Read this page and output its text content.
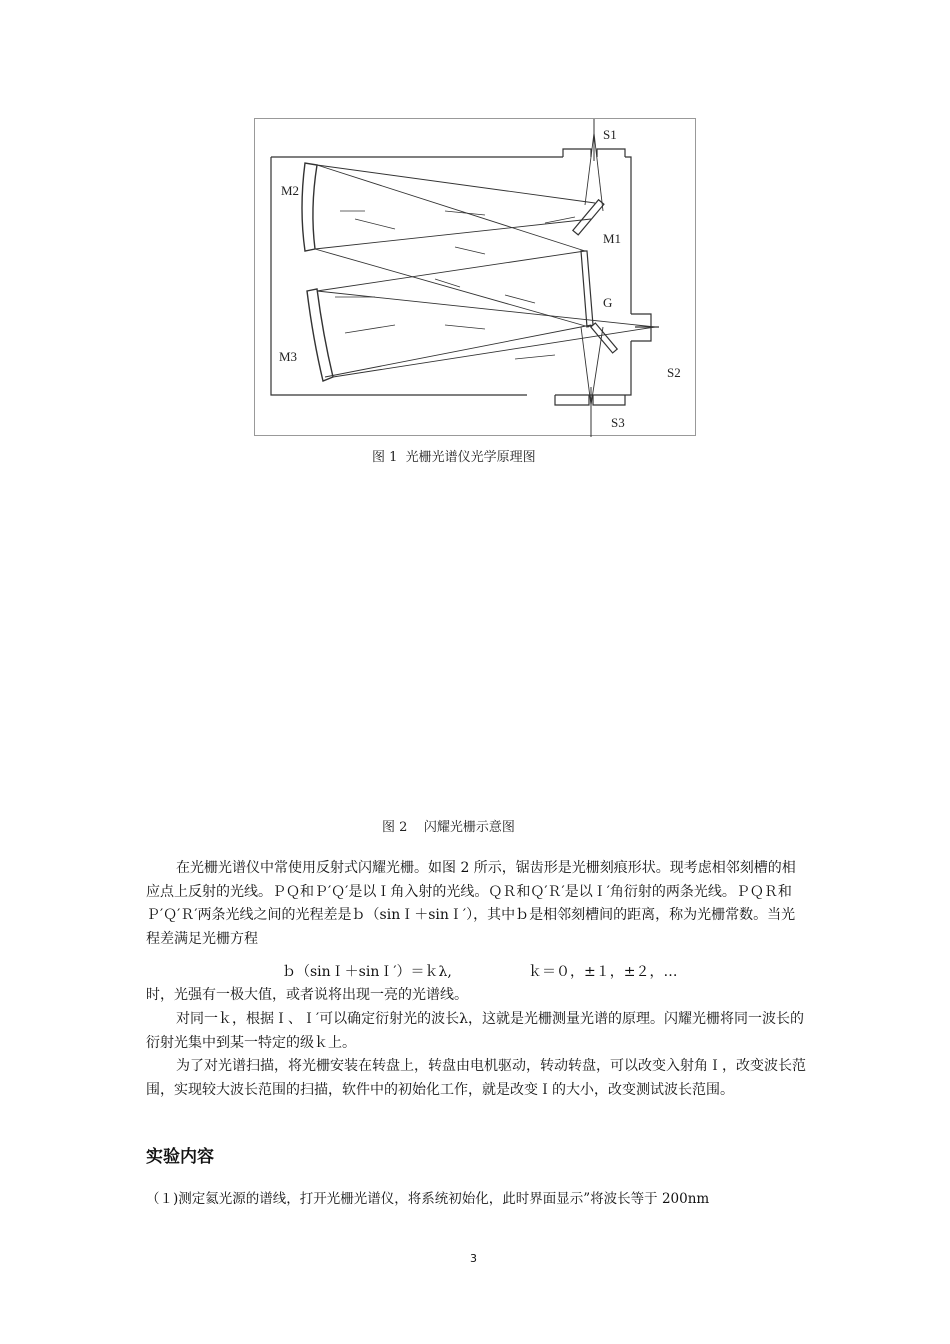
S1
M2
M1
G
M3
S2
S3
图 1  光栅光谱仪光学原理图
图 2    闪耀光栅示意图
在光栅光谱仪中常使用反射式闪耀光栅。如图 2 所示，锯齿形是光栅刻痕形状。现考虑相邻刻槽的相应点上反射的光线。ＰＱ和Ｐ′Ｑ′是以Ｉ角入射的光线。ＱＲ和Ｑ′Ｒ′是以Ｉ′角衍射的两条光线。ＰＱＲ和Ｐ′Ｑ′Ｒ′两条光线之间的光程差是ｂ（sinＩ＋sinＩ′），其中ｂ是相邻刻槽间的距离，称为光栅常数。当光程差满足光栅方程
ｂ（sinＩ＋sinＩ′）＝ｋλ,	ｋ＝０，±１，±２，…
时，光强有一极大值，或者说将出现一亮的光谱线。
对同一ｋ，根据Ｉ、Ｉ′可以确定衍射光的波长λ，这就是光栅测量光谱的原理。闪耀光栅将同一波长的衍射光集中到某一特定的级ｋ上。
为了对光谱扫描，将光栅安装在转盘上，转盘由电机驱动，转动转盘，可以改变入射角Ｉ，改变波长范围，实现较大波长范围的扫描，软件中的初始化工作，就是改变Ｉ的大小，改变测试波长范围。
实验内容
（１)测定氦光源的谱线，打开光栅光谱仪，将系统初始化，此时界面显示”将波长等于 200nm
3
